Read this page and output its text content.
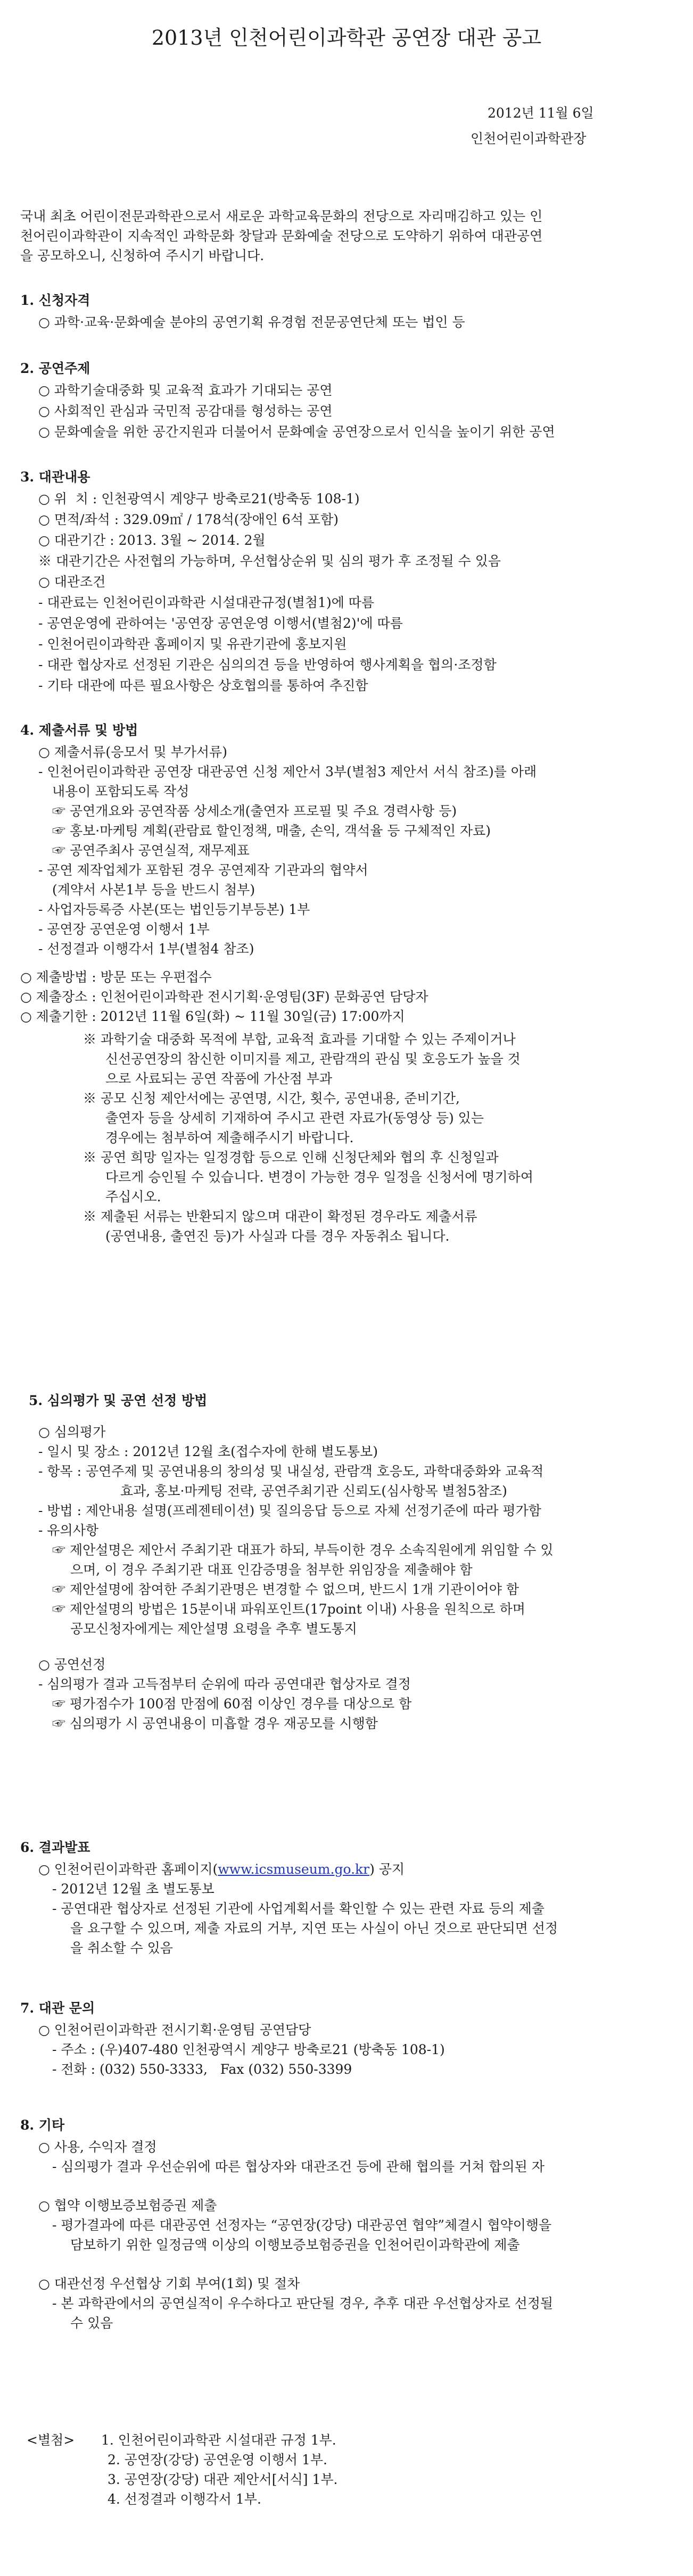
2013년 인천어린이과학관 공연장 대관 공고
2012년 11월 6일
인천어린이과학관장

국내 최초 어린이전문과학관으로서 새로운 과학교육문화의 전당으로 자리매김하고 있는 인

천어린이과학관이 지속적인 과학문화 창달과 문화예술 전당으로 도약하기 위하여 대관공연

을 공모하오니, 신청하여 주시기 바랍니다.

1. 신청자격

○ 과학·교육·문화예술 분야의 공연기획 유경험 전문공연단체 또는 법인 등

2. 공연주제

○ 과학기술대중화 및 교육적 효과가 기대되는 공연

○ 사회적인 관심과 국민적 공감대를 형성하는 공연

○ 문화예술을 위한 공간지원과 더불어서 문화예술 공연장으로서 인식을 높이기 위한 공연

3. 대관내용

○ 위  치 : 인천광역시 계양구 방축로21(방축동 108-1)

○ 면적/좌석 : 329.09㎡ / 178석(장애인 6석 포함)

○ 대관기간 : 2013. 3월 ~ 2014. 2월

※ 대관기간은 사전협의 가능하며, 우선협상순위 및 심의 평가 후 조정될 수 있음

○ 대관조건

- 대관료는 인천어린이과학관 시설대관규정(별첨1)에 따름

- 공연운영에 관하여는 '공연장 공연운영 이행서(별첨2)'에 따름

- 인천어린이과학관 홈페이지 및 유관기관에 홍보지원

- 대관 협상자로 선정된 기관은 심의의견 등을 반영하여 행사계획을 협의·조정함

- 기타 대관에 따른 필요사항은 상호협의를 통하여 추진함

4. 제출서류 및 방법

○ 제출서류(응모서 및 부가서류)

- 인천어린이과학관 공연장 대관공연 신청 제안서 3부(별첨3 제안서 서식 참조)를 아래

내용이 포함되도록 작성

☞ 공연개요와 공연작품 상세소개(출연자 프로필 및 주요 경력사항 등)

☞ 홍보·마케팅 계획(관람료 할인정책, 매출, 손익, 객석율 등 구체적인 자료)

☞ 공연주최사 공연실적, 재무제표

- 공연 제작업체가 포함된 경우 공연제작 기관과의 협약서

(계약서 사본1부 등을 반드시 첨부)

- 사업자등록증 사본(또는 법인등기부등본) 1부

- 공연장 공연운영 이행서 1부

- 선정결과 이행각서 1부(별첨4 참조)

○ 제출방법 : 방문 또는 우편접수

○ 제출장소 : 인천어린이과학관 전시기획·운영팀(3F) 문화공연 담당자

○ 제출기한 : 2012년 11월 6일(화) ~ 11월 30일(금) 17:00까지

※ 과학기술 대중화 목적에 부합, 교육적 효과를 기대할 수 있는 주제이거나

신선공연장의 참신한 이미지를 제고, 관람객의 관심 및 호응도가 높을 것

으로 사료되는 공연 작품에 가산점 부과

※ 공모 신청 제안서에는 공연명, 시간, 횟수, 공연내용, 준비기간,

출연자 등을 상세히 기재하여 주시고 관련 자료가(동영상 등) 있는

경우에는 첨부하여 제출해주시기 바랍니다.

※ 공연 희망 일자는 일정경합 등으로 인해 신청단체와 협의 후 신청일과

다르게 승인될 수 있습니다. 변경이 가능한 경우 일정을 신청서에 명기하여

주십시오.

※ 제출된 서류는 반환되지 않으며 대관이 확정된 경우라도 제출서류

(공연내용, 출연진 등)가 사실과 다를 경우 자동취소 됩니다.

5. 심의평가 및 공연 선정 방법

○ 심의평가

- 일시 및 장소 : 2012년 12월 초(접수자에 한해 별도통보)

- 항목 : 공연주제 및 공연내용의 창의성 및 내실성, 관람객 호응도, 과학대중화와 교육적

효과, 홍보·마케팅 전략, 공연주최기관 신뢰도(심사항목 별첨5참조)

- 방법 : 제안내용 설명(프레젠테이션) 및 질의응답 등으로 자체 선정기준에 따라 평가함

- 유의사항

☞ 제안설명은 제안서 주최기관 대표가 하되, 부득이한 경우 소속직원에게 위임할 수 있

으며, 이 경우 주최기관 대표 인감증명을 첨부한 위임장을 제출해야 함

☞ 제안설명에 참여한 주최기관명은 변경할 수 없으며, 반드시 1개 기관이어야 함

☞ 제안설명의 방법은 15분이내 파워포인트(17point 이내) 사용을 원칙으로 하며

공모신청자에게는 제안설명 요령을 추후 별도통지

○ 공연선정

- 심의평가 결과 고득점부터 순위에 따라 공연대관 협상자로 결정

☞ 평가점수가 100점 만점에 60점 이상인 경우를 대상으로 함

☞ 심의평가 시 공연내용이 미흡할 경우 재공모를 시행함

6. 결과발표

○ 인천어린이과학관 홈페이지(www.icsmuseum.go.kr) 공지

- 2012년 12월 초 별도통보

- 공연대관 협상자로 선정된 기관에 사업계획서를 확인할 수 있는 관련 자료 등의 제출

을 요구할 수 있으며, 제출 자료의 거부, 지연 또는 사실이 아닌 것으로 판단되면 선정

을 취소할 수 있음

7. 대관 문의

○ 인천어린이과학관 전시기획·운영팀 공연담당

- 주소 : (우)407-480 인천광역시 계양구 방축로21 (방축동 108-1)

- 전화 : (032) 550-3333,   Fax (032) 550-3399

8. 기타

○ 사용, 수익자 결정

- 심의평가 결과 우선순위에 따른 협상자와 대관조건 등에 관해 협의를 거쳐 합의된 자

○ 협약 이행보증보험증권 제출

- 평가결과에 따른 대관공연 선정자는 “공연장(강당) 대관공연 협약”체결시 협약이행을

담보하기 위한 일정금액 이상의 이행보증보험증권을 인천어린이과학관에 제출

○ 대관선정 우선협상 기회 부여(1회) 및 절차

- 본 과학관에서의 공연실적이 우수하다고 판단될 경우, 추후 대관 우선협상자로 선정될

수 있음

<별첨>	1. 인천어린이과학관 시설대관 규정 1부.

2. 공연장(강당) 공연운영 이행서 1부.

3. 공연장(강당) 대관 제안서[서식] 1부.

4. 선정결과 이행각서 1부.
